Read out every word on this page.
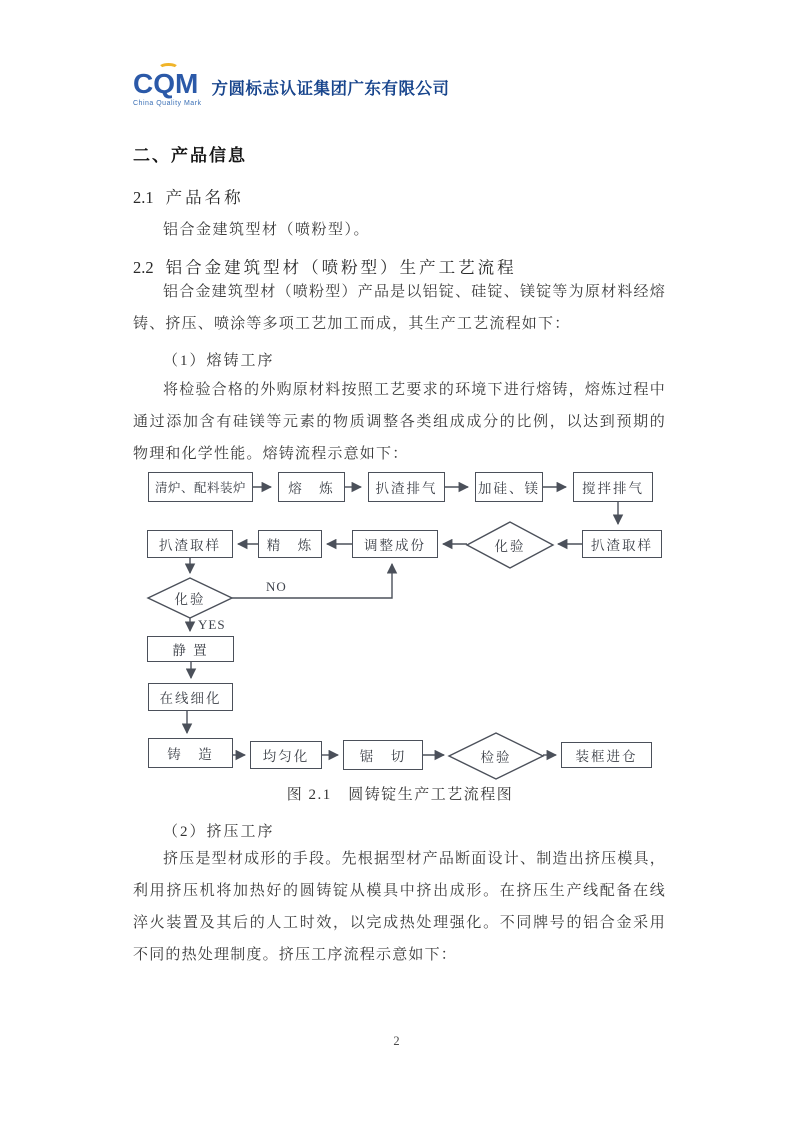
CQM
China Quality Mark
方圆标志认证集团广东有限公司
二、产品信息
2.1 产品名称
铝合金建筑型材（喷粉型）。
2.2 铝合金建筑型材（喷粉型）生产工艺流程
铝合金建筑型材（喷粉型）产品是以铝锭、硅锭、镁锭等为原材料经熔铸、挤压、喷涂等多项工艺加工而成，其生产工艺流程如下：
（1）熔铸工序
将检验合格的外购原材料按照工艺要求的环境下进行熔铸，熔炼过程中通过添加含有硅镁等元素的物质调整各类组成成分的比例，以达到预期的物理和化学性能。熔铸流程示意如下：
清炉、配料装炉	熔　炼	扒渣排气	加硅、镁	搅拌排气
扒渣取样
化验
调整成份
精　炼
扒渣取样
化验
NO
YES
静 置
在线细化
铸　造	均匀化	锯　切	检验	装框进仓
图 2.1　圆铸锭生产工艺流程图
（2）挤压工序
挤压是型材成形的手段。先根据型材产品断面设计、制造出挤压模具，利用挤压机将加热好的圆铸锭从模具中挤出成形。在挤压生产线配备在线淬火装置及其后的人工时效，以完成热处理强化。不同牌号的铝合金采用不同的热处理制度。挤压工序流程示意如下：
2
